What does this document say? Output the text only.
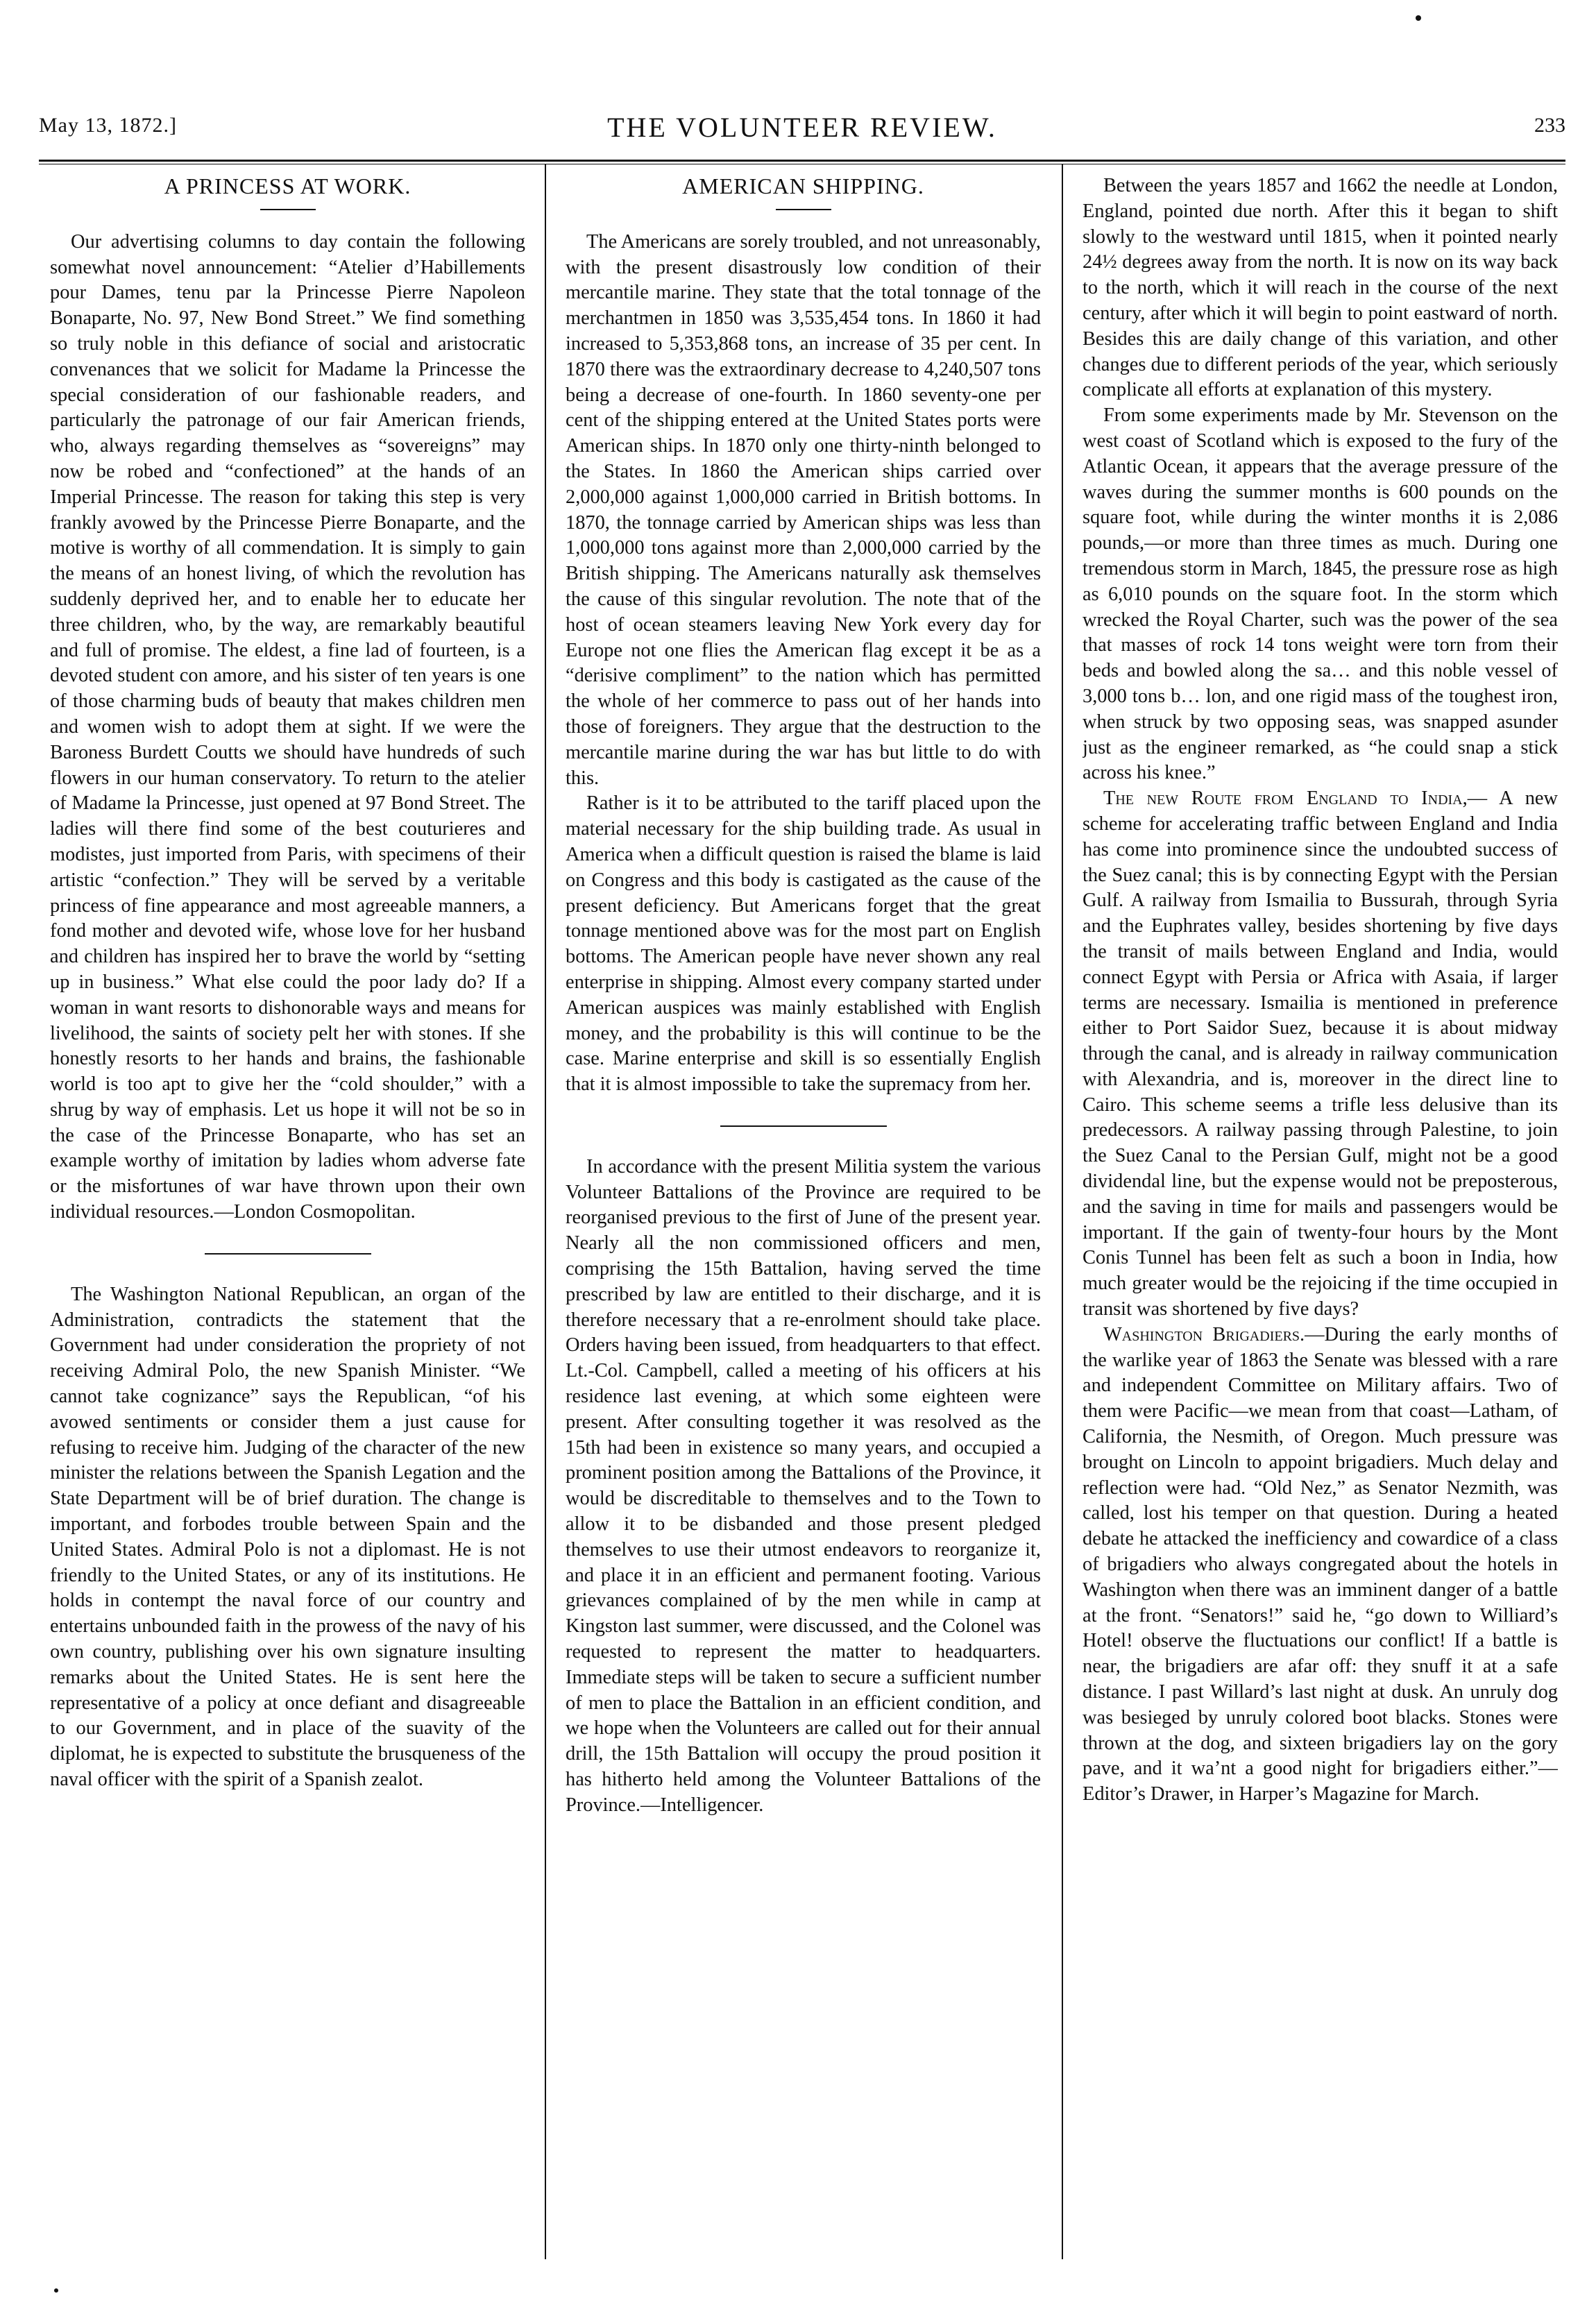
May 13, 1872.]	THE VOLUNTEER REVIEW.	233
A PRINCESS AT WORK.

Our advertising columns to day contain the following somewhat novel announcement: “Atelier d’Habillements pour Dames, tenu par la Princesse Pierre Napoleon Bonaparte, No. 97, New Bond Street.” We find something so truly noble in this defiance of social and aristocratic convenances that we solicit for Madame la Princesse the special consideration of our fashionable readers, and particularly the patronage of our fair American friends, who, always regarding themselves as “sovereigns” may now be robed and “confectioned” at the hands of an Imperial Princesse. The reason for taking this step is very frankly avowed by the Princesse Pierre Bonaparte, and the motive is worthy of all commendation. It is simply to gain the means of an honest living, of which the revolution has suddenly deprived her, and to enable her to educate her three children, who, by the way, are remarkably beautiful and full of promise. The eldest, a fine lad of fourteen, is a devoted student con amore, and his sister of ten years is one of those charming buds of beauty that makes children men and women wish to adopt them at sight. If we were the Baroness Burdett Coutts we should have hundreds of such flowers in our human conservatory. To return to the atelier of Madame la Princesse, just opened at 97 Bond Street. The ladies will there find some of the best couturieres and modistes, just imported from Paris, with specimens of their artistic “confection.” They will be served by a veritable princess of fine appearance and most agreeable manners, a fond mother and devoted wife, whose love for her husband and children has inspired her to brave the world by “setting up in business.” What else could the poor lady do? If a woman in want resorts to dishonorable ways and means for livelihood, the saints of society pelt her with stones. If she honestly resorts to her hands and brains, the fashionable world is too apt to give her the “cold shoulder,” with a shrug by way of emphasis. Let us hope it will not be so in the case of the Princesse Bonaparte, who has set an example worthy of imitation by ladies whom adverse fate or the misfortunes of war have thrown upon their own individual resources.—London Cosmopolitan.

The Washington National Republican, an organ of the Administration, contradicts the statement that the Government had under consideration the propriety of not receiving Admiral Polo, the new Spanish Minister. “We cannot take cognizance” says the Republican, “of his avowed sentiments or consider them a just cause for refusing to receive him. Judging of the character of the new minister the relations between the Spanish Legation and the State Department will be of brief duration. The change is important, and forbodes trouble between Spain and the United States. Admiral Polo is not a diplomast. He is not friendly to the United States, or any of its institutions. He holds in contempt the naval force of our country and entertains unbounded faith in the prowess of the navy of his own country, publishing over his own signature insulting remarks about the United States. He is sent here the representative of a policy at once defiant and disagreeable to our Government, and in place of the suavity of the diplomat, he is expected to substitute the brusqueness of the naval officer with the spirit of a Spanish zealot.

AMERICAN SHIPPING.

The Americans are sorely troubled, and not unreasonably, with the present disastrously low condition of their mercantile marine. They state that the total tonnage of the merchantmen in 1850 was 3,535,454 tons. In 1860 it had increased to 5,353,868 tons, an increase of 35 per cent. In 1870 there was the extraordinary decrease to 4,240,507 tons being a decrease of one-fourth. In 1860 seventy-one per cent of the shipping entered at the United States ports were American ships. In 1870 only one thirty-ninth belonged to the States. In 1860 the American ships carried over 2,000,000 against 1,000,000 carried in British bottoms. In 1870, the tonnage carried by American ships was less than 1,000,000 tons against more than 2,000,000 carried by the British shipping. The Americans naturally ask themselves the cause of this singular revolution. The note that of the host of ocean steamers leaving New York every day for Europe not one flies the American flag except it be as a “derisive compliment” to the nation which has permitted the whole of her commerce to pass out of her hands into those of foreigners. They argue that the destruction to the mercantile marine during the war has but little to do with this.

Rather is it to be attributed to the tariff placed upon the material necessary for the ship building trade. As usual in America when a difficult question is raised the blame is laid on Congress and this body is castigated as the cause of the present deficiency. But Americans forget that the great tonnage mentioned above was for the most part on English bottoms. The American people have never shown any real enterprise in shipping. Almost every company started under American auspices was mainly established with English money, and the probability is this will continue to be the case. Marine enterprise and skill is so essentially English that it is almost impossible to take the supremacy from her.

In accordance with the present Militia system the various Volunteer Battalions of the Province are required to be reorganised previous to the first of June of the present year. Nearly all the non commissioned officers and men, comprising the 15th Battalion, having served the time prescribed by law are entitled to their discharge, and it is therefore necessary that a re-enrolment should take place. Orders having been issued, from headquarters to that effect. Lt.-Col. Campbell, called a meeting of his officers at his residence last evening, at which some eighteen were present. After consulting together it was resolved as the 15th had been in existence so many years, and occupied a prominent position among the Battalions of the Province, it would be discreditable to themselves and to the Town to allow it to be disbanded and those present pledged themselves to use their utmost endeavors to reorganize it, and place it in an efficient and permanent footing. Various grievances complained of by the men while in camp at Kingston last summer, were discussed, and the Colonel was requested to represent the matter to headquarters. Immediate steps will be taken to secure a sufficient number of men to place the Battalion in an efficient condition, and we hope when the Volunteers are called out for their annual drill, the 15th Battalion will occupy the proud position it has hitherto held among the Volunteer Battalions of the Province.—Intelligencer.

Between the years 1857 and 1662 the needle at London, England, pointed due north. After this it began to shift slowly to the westward until 1815, when it pointed nearly 24½ degrees away from the north. It is now on its way back to the north, which it will reach in the course of the next century, after which it will begin to point eastward of north. Besides this are daily change of this variation, and other changes due to different periods of the year, which seriously complicate all efforts at explanation of this mystery.

From some experiments made by Mr. Stevenson on the west coast of Scotland which is exposed to the fury of the Atlantic Ocean, it appears that the average pressure of the waves during the summer months is 600 pounds on the square foot, while during the winter months it is 2,086 pounds,—or more than three times as much. During one tremendous storm in March, 1845, the pressure rose as high as 6,010 pounds on the square foot. In the storm which wrecked the Royal Charter, such was the power of the sea that masses of rock 14 tons weight were torn from their beds and bowled along the sa… and this noble vessel of 3,000 tons b… lon, and one rigid mass of the toughest iron, when struck by two opposing seas, was snapped asunder just as the engineer remarked, as “he could snap a stick across his knee.”

The new Route from England to India,— A new scheme for accelerating traffic between England and India has come into prominence since the undoubted success of the Suez canal; this is by connecting Egypt with the Persian Gulf. A railway from Ismailia to Bussurah, through Syria and the Euphrates valley, besides shortening by five days the transit of mails between England and India, would connect Egypt with Persia or Africa with Asaia, if larger terms are necessary. Ismailia is mentioned in preference either to Port Saidor Suez, because it is about midway through the canal, and is already in railway communication with Alexandria, and is, moreover in the direct line to Cairo. This scheme seems a trifle less delusive than its predecessors. A railway passing through Palestine, to join the Suez Canal to the Persian Gulf, might not be a good dividendal line, but the expense would not be preposterous, and the saving in time for mails and passengers would be important. If the gain of twenty-four hours by the Mont Conis Tunnel has been felt as such a boon in India, how much greater would be the rejoicing if the time occupied in transit was shortened by five days?

Washington Brigadiers.—During the early months of the warlike year of 1863 the Senate was blessed with a rare and independent Committee on Military affairs. Two of them were Pacific—we mean from that coast—Latham, of California, the Nesmith, of Oregon. Much pressure was brought on Lincoln to appoint brigadiers. Much delay and reflection were had. “Old Nez,” as Senator Nezmith, was called, lost his temper on that question. During a heated debate he attacked the inefficiency and cowardice of a class of brigadiers who always congregated about the hotels in Washington when there was an imminent danger of a battle at the front. “Senators!” said he, “go down to Williard’s Hotel! observe the fluctuations our conflict! If a battle is near, the brigadiers are afar off: they snuff it at a safe distance. I past Willard’s last night at dusk. An unruly dog was besieged by unruly colored boot blacks. Stones were thrown at the dog, and sixteen brigadiers lay on the gory pave, and it wa’nt a good night for brigadiers either.”—Editor’s Drawer, in Harper’s Magazine for March.
